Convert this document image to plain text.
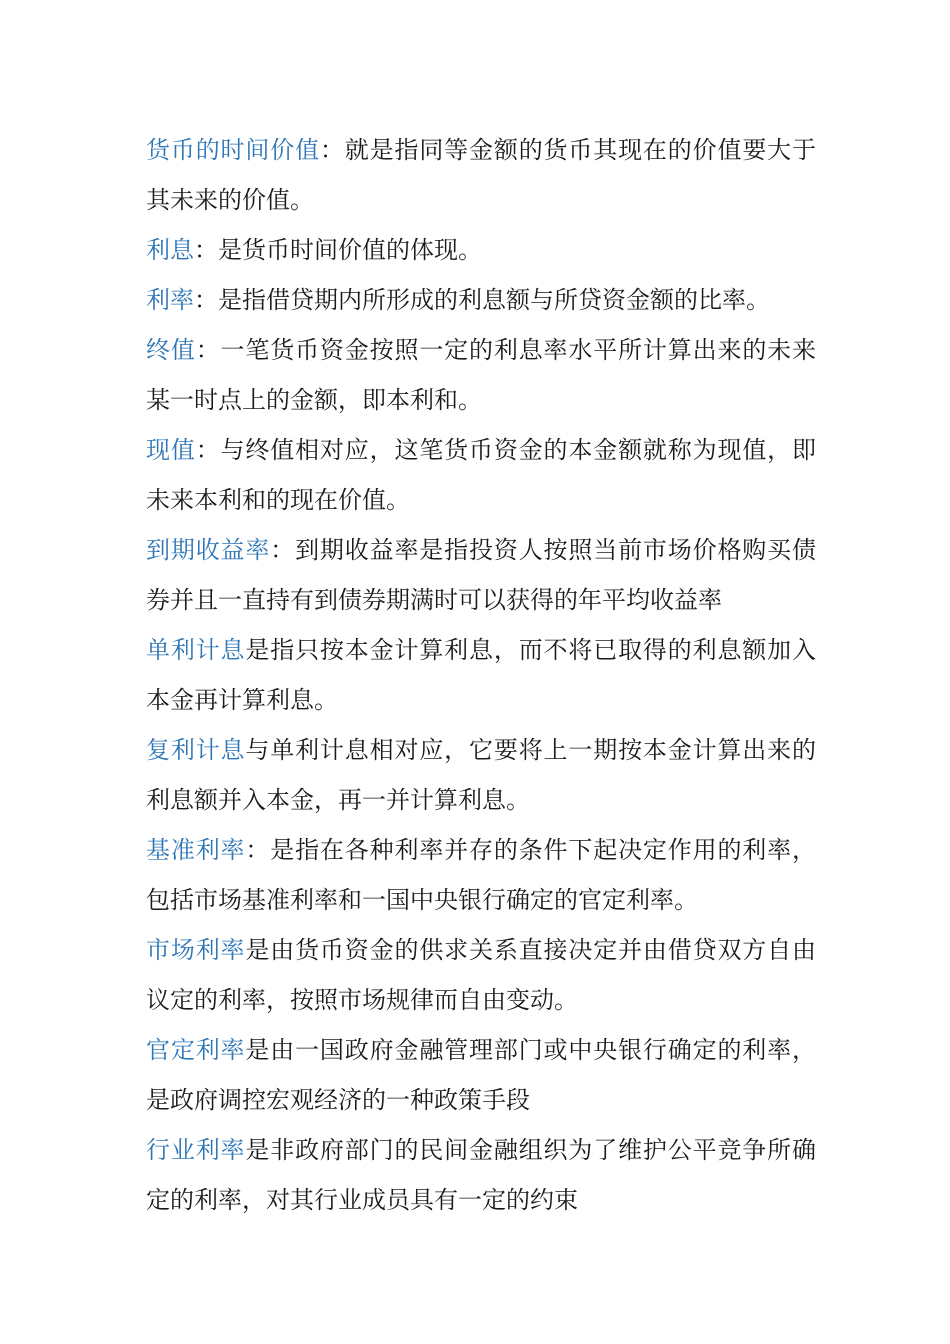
货币的时间价值：就是指同等金额的货币其现在的价值要大于其未来的价值。

利息：是货币时间价值的体现。

利率：是指借贷期内所形成的利息额与所贷资金额的比率。

终值：一笔货币资金按照一定的利息率水平所计算出来的未来某一时点上的金额，即本利和。

现值：与终值相对应，这笔货币资金的本金额就称为现值，即未来本利和的现在价值。

到期收益率：到期收益率是指投资人按照当前市场价格购买债券并且一直持有到债券期满时可以获得的年平均收益率

单利计息是指只按本金计算利息，而不将已取得的利息额加入本金再计算利息。

复利计息与单利计息相对应，它要将上一期按本金计算出来的利息额并入本金，再一并计算利息。

基准利率：是指在各种利率并存的条件下起决定作用的利率，包括市场基准利率和一国中央银行确定的官定利率。

市场利率是由货币资金的供求关系直接决定并由借贷双方自由议定的利率，按照市场规律而自由变动。

官定利率是由一国政府金融管理部门或中央银行确定的利率，是政府调控宏观经济的一种政策手段

行业利率是非政府部门的民间金融组织为了维护公平竞争所确定的利率，对其行业成员具有一定的约束
